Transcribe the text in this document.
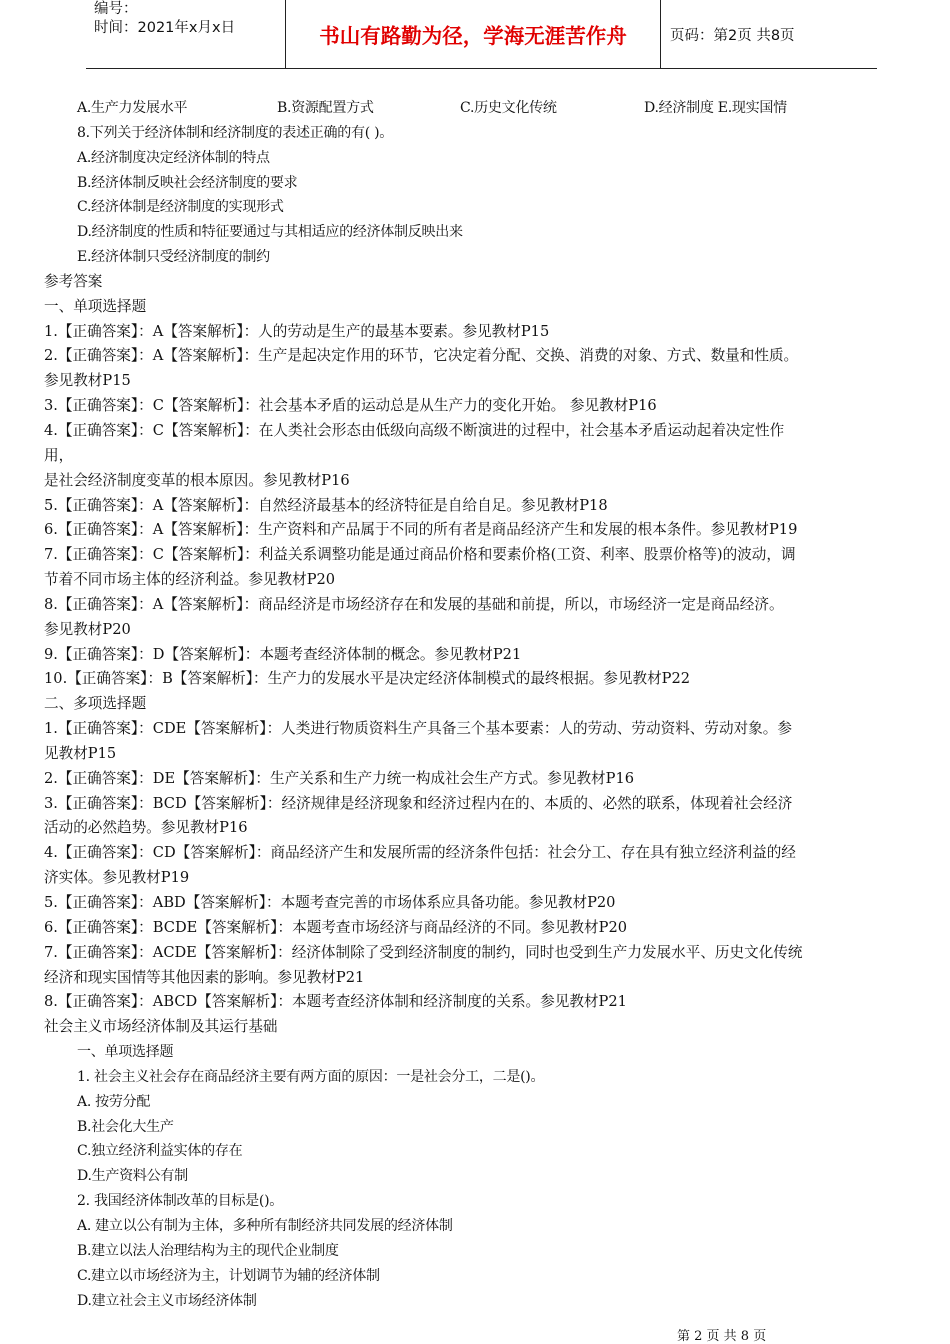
编号：
时间：2021年x月x日	书山有路勤为径，学海无涯苦作舟	页码：第2页 共8页
A.生产力发展水平	B.资源配置方式	C.历史文化传统	D.经济制度 E.现实国情
8.下列关于经济体制和经济制度的表述正确的有( )。
A.经济制度决定经济体制的特点
B.经济体制反映社会经济制度的要求
C.经济体制是经济制度的实现形式
D.经济制度的性质和特征要通过与其相适应的经济体制反映出来
E.经济体制只受经济制度的制约
参考答案
一、单项选择题
1.【正确答案】：A【答案解析】：人的劳动是生产的最基本要素。参见教材P15
2.【正确答案】：A【答案解析】：生产是起决定作用的环节，它决定着分配、交换、消费的对象、方式、数量和性质。
参见教材P15
3.【正确答案】：C【答案解析】：社会基本矛盾的运动总是从生产力的变化开始。 参见教材P16
4.【正确答案】：C【答案解析】：在人类社会形态由低级向高级不断演进的过程中，社会基本矛盾运动起着决定性作
用，
是社会经济制度变革的根本原因。参见教材P16
5.【正确答案】：A【答案解析】：自然经济最基本的经济特征是自给自足。参见教材P18
6.【正确答案】：A【答案解析】：生产资料和产品属于不同的所有者是商品经济产生和发展的根本条件。参见教材P19
7.【正确答案】：C【答案解析】：利益关系调整功能是通过商品价格和要素价格(工资、利率、股票价格等)的波动，调
节着不同市场主体的经济利益。参见教材P20
8.【正确答案】：A【答案解析】：商品经济是市场经济存在和发展的基础和前提，所以，市场经济一定是商品经济。
参见教材P20
9.【正确答案】：D【答案解析】：本题考查经济体制的概念。参见教材P21
10.【正确答案】：B【答案解析】：生产力的发展水平是决定经济体制模式的最终根据。参见教材P22
二、多项选择题
1.【正确答案】：CDE【答案解析】：人类进行物质资料生产具备三个基本要素：人的劳动、劳动资料、劳动对象。参
见教材P15
2.【正确答案】：DE【答案解析】：生产关系和生产力统一构成社会生产方式。参见教材P16
3.【正确答案】：BCD【答案解析】：经济规律是经济现象和经济过程内在的、本质的、必然的联系，体现着社会经济
活动的必然趋势。参见教材P16
4.【正确答案】：CD【答案解析】：商品经济产生和发展所需的经济条件包括：社会分工、存在具有独立经济利益的经
济实体。参见教材P19
5.【正确答案】：ABD【答案解析】：本题考查完善的市场体系应具备功能。参见教材P20
6.【正确答案】：BCDE【答案解析】：本题考查市场经济与商品经济的不同。参见教材P20
7.【正确答案】：ACDE【答案解析】：经济体制除了受到经济制度的制约，同时也受到生产力发展水平、历史文化传统
经济和现实国情等其他因素的影响。参见教材P21
8.【正确答案】：ABCD【答案解析】：本题考查经济体制和经济制度的关系。参见教材P21
社会主义市场经济体制及其运行基础
一、单项选择题
1. 社会主义社会存在商品经济主要有两方面的原因：一是社会分工，二是()。
A. 按劳分配
B.社会化大生产
C.独立经济利益实体的存在
D.生产资料公有制
2. 我国经济体制改革的目标是()。
A. 建立以公有制为主体，多种所有制经济共同发展的经济体制
B.建立以法人治理结构为主的现代企业制度
C.建立以市场经济为主，计划调节为辅的经济体制
D.建立社会主义市场经济体制
第 2 页 共 8 页
